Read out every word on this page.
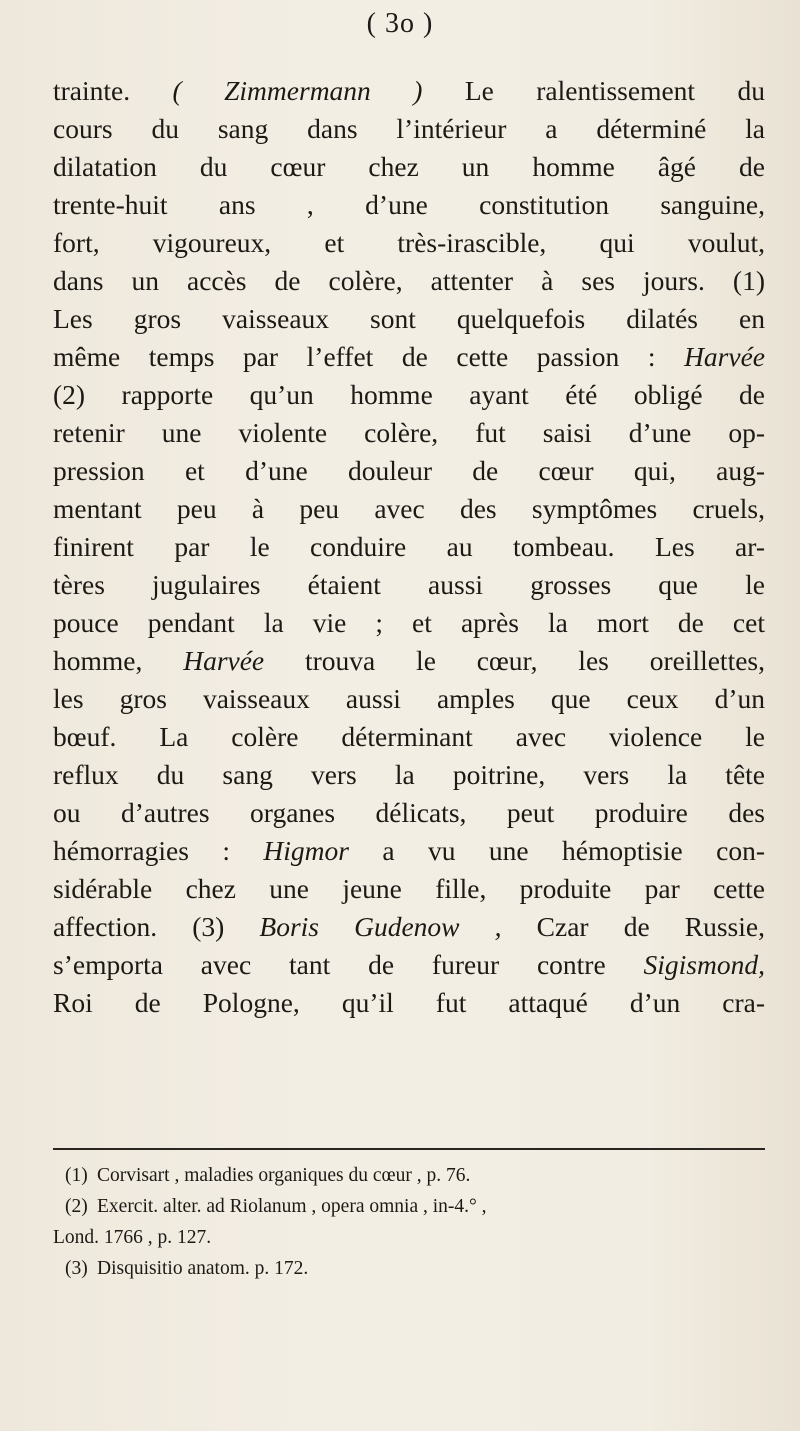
( 3o )
trainte. ( Zimmermann ) Le ralentissement du
cours du sang dans l’intérieur a déterminé la
dilatation du cœur chez un homme âgé de
trente-huit ans , d’une constitution sanguine,
fort, vigoureux, et très-irascible, qui voulut,
dans un accès de colère, attenter à ses jours. (1)
Les gros vaisseaux sont quelquefois dilatés en
même temps par l’effet de cette passion : Harvée
(2) rapporte qu’un homme ayant été obligé de
retenir une violente colère, fut saisi d’une op-
pression et d’une douleur de cœur qui, aug-
mentant peu à peu avec des symptômes cruels,
finirent par le conduire au tombeau. Les ar-
tères jugulaires étaient aussi grosses que le
pouce pendant la vie ; et après la mort de cet
homme, Harvée trouva le cœur, les oreillettes,
les gros vaisseaux aussi amples que ceux d’un
bœuf. La colère déterminant avec violence le
reflux du sang vers la poitrine, vers la tête
ou d’autres organes délicats, peut produire des
hémorragies : Higmor a vu une hémoptisie con-
sidérable chez une jeune fille, produite par cette
affection. (3) Boris Gudenow , Czar de Russie,
s’emporta avec tant de fureur contre Sigismond,
Roi de Pologne, qu’il fut attaqué d’un cra-
(1) Corvisart , maladies organiques du cœur , p. 76.
(2) Exercit. alter. ad Riolanum , opera omnia , in-4.° ,
Lond. 1766 , p. 127.
(3) Disquisitio anatom. p. 172.
